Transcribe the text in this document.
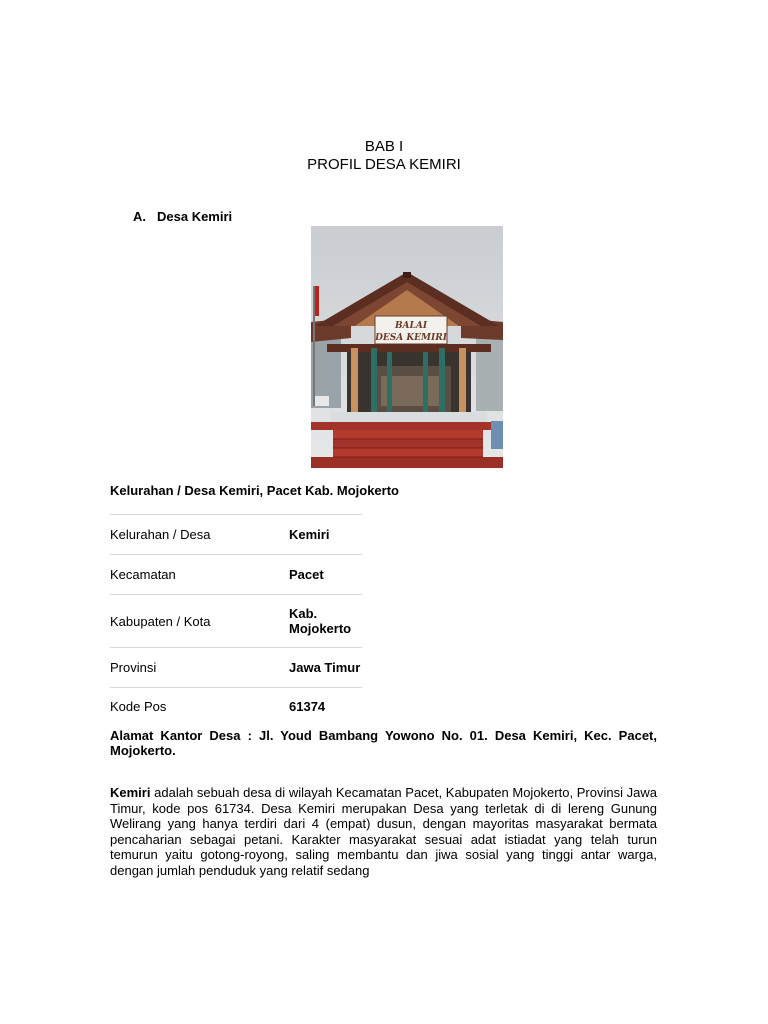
BAB I
PROFIL DESA KEMIRI
A. Desa Kemiri
BALAI
DESA KEMIRI
Kelurahan / Desa Kemiri, Pacet Kab. Mojokerto
Kelurahan / Desa	Kemiri
Kecamatan	Pacet
Kabupaten / Kota	Kab. Mojokerto
Provinsi	Jawa Timur
Kode Pos	61374
Alamat Kantor Desa : Jl. Youd Bambang Yowono No. 01. Desa Kemiri, Kec. Pacet, Mojokerto.
Kemiri adalah sebuah desa di wilayah Kecamatan Pacet, Kabupaten Mojokerto, Provinsi Jawa Timur, kode pos 61734. Desa Kemiri merupakan Desa yang terletak di di lereng Gunung Welirang yang hanya terdiri dari 4 (empat) dusun, dengan mayoritas masyarakat bermata pencaharian sebagai petani. Karakter masyarakat sesuai adat istiadat yang telah turun temurun yaitu gotong-royong, saling membantu dan jiwa sosial yang tinggi antar warga, dengan jumlah penduduk yang relatif sedang
